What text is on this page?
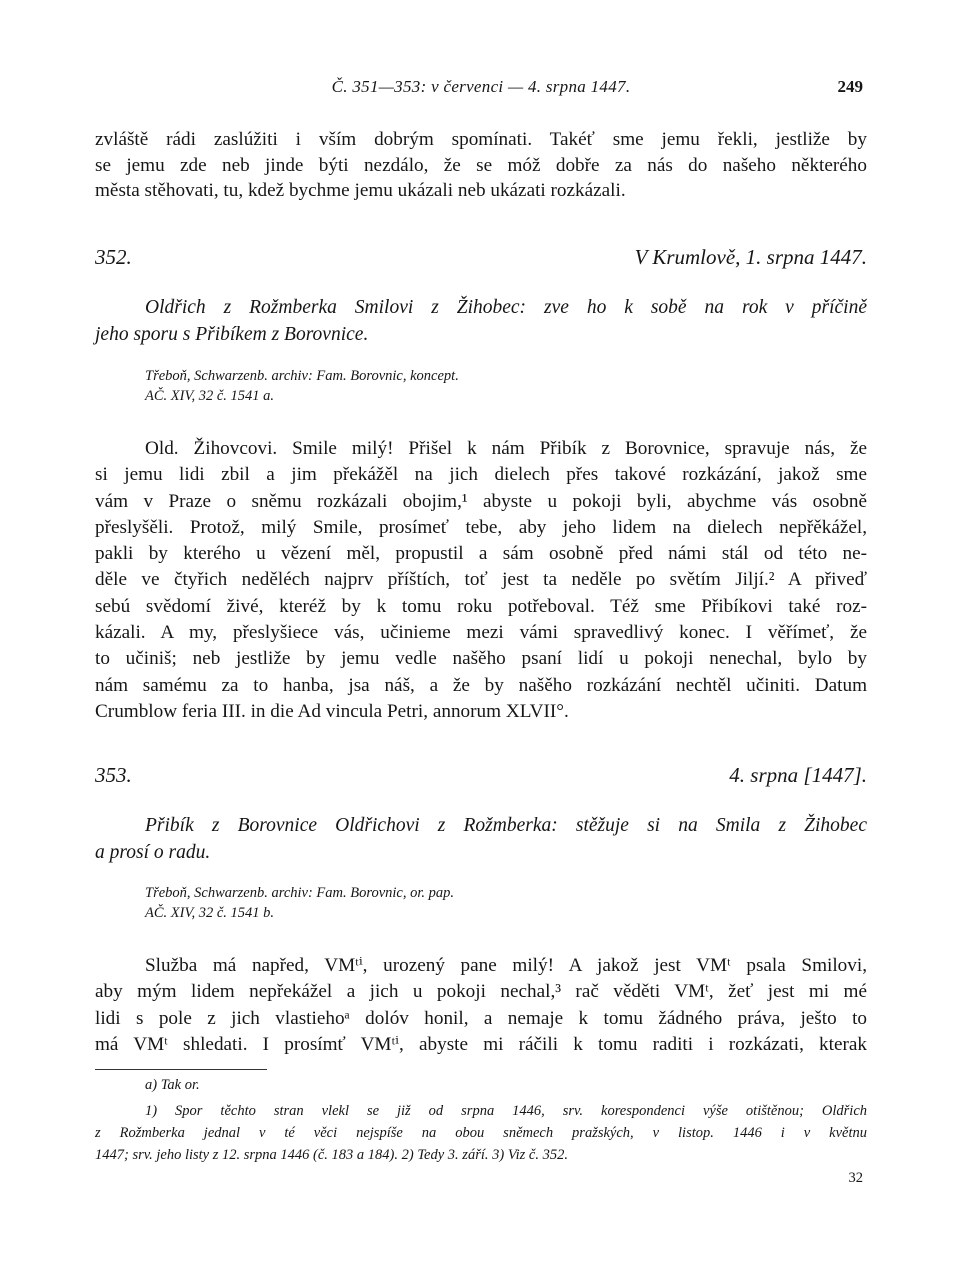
Č. 351—353: v červenci — 4. srpna 1447.	249
zvláště rádi zaslúžiti i vším dobrým spomínati. Takéť sme jemu řekli, jestliže by
se jemu zde neb jinde býti nezdálo, že se móž dobře za nás do našeho některého
města stěhovati, tu, kdež bychme jemu ukázali neb ukázati rozkázali.
352.	V Krumlově, 1. srpna 1447.
Oldřich z Rožmberka Smilovi z Žihobec: zve ho k sobě na rok v příčině
jeho sporu s Přibíkem z Borovnice.
Třeboň, Schwarzenb. archiv: Fam. Borovnic, koncept.
AČ. XIV, 32 č. 1541 a.
Old. Žihovcovi. Smile milý! Přišel k nám Přibík z Borovnice, spravuje nás, že
si jemu lidi zbil a jim překážěl na jich dielech přes takové rozkázání, jakož sme
vám v Praze o sněmu rozkázali obojim,¹ abyste u pokoji byli, abychme vás osobně
přeslyšěli. Protož, milý Smile, prosímeť tebe, aby jeho lidem na dielech nepřěkážel,
pakli by kterého u vězení měl, propustil a sám osobně před námi stál od této ne-
děle ve čtyřich neděléch najprv příštích, toť jest ta neděle po světím Jiljí.² A přiveď
sebú svědomí živé, kteréž by k tomu roku potřeboval. Též sme Přibíkovi také roz-
kázali. A my, přeslyšiece vás, učinieme mezi vámi spravedlivý konec. I věřímeť, že
to učiniš; neb jestliže by jemu vedle našěho psaní lidí u pokoji nenechal, bylo by
nám samému za to hanba, jsa náš, a že by našěho rozkázání nechtěl učiniti. Datum
Crumblow feria III. in die Ad vincula Petri, annorum XLVII°.
353.	4. srpna [1447].
Přibík z Borovnice Oldřichovi z Rožmberka: stěžuje si na Smila z Žihobec
a prosí o radu.
Třeboň, Schwarzenb. archiv: Fam. Borovnic, or. pap.
AČ. XIV, 32 č. 1541 b.
Služba má napřed, VMᵗⁱ, urozený pane milý! A jakož jest VMᵗ psala Smilovi,
aby mým lidem nepřekážel a jich u pokoji nechal,³ rač věděti VMᵗ, žeť jest mi mé
lidi s pole z jich vlastiehoᵃ dolóv honil, a nemaje k tomu žádného práva, ješto to
má VMᵗ shledati. I prosímť VMᵗⁱ, abyste mi ráčili k tomu raditi i rozkázati, kterak
a) Tak or.
1) Spor těchto stran vlekl se již od srpna 1446, srv. korespondenci výše otištěnou; Oldřich
z Rožmberka jednal v té věci nejspíše na obou sněmech pražských, v listop. 1446 i v květnu
1447; srv. jeho listy z 12. srpna 1446 (č. 183 a 184). 2) Tedy 3. září. 3) Viz č. 352.
32
